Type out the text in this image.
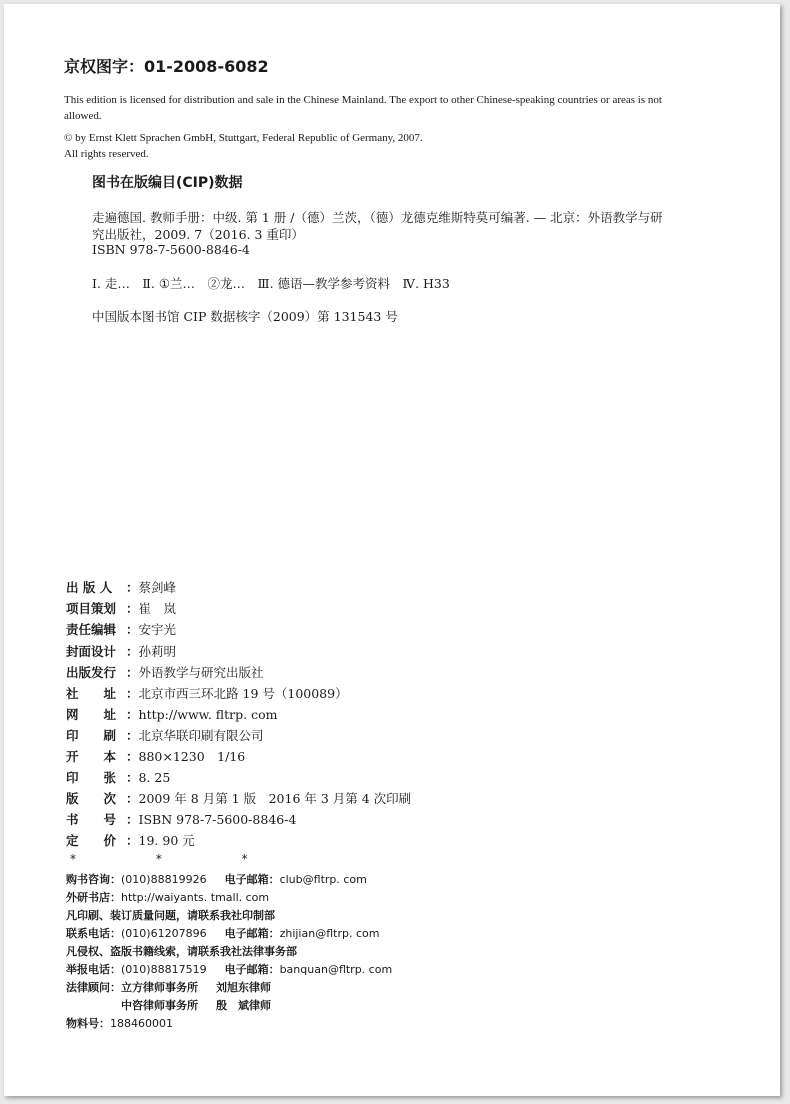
京权图字：01-2008-6082
This edition is licensed for distribution and sale in the Chinese Mainland. The export to other Chinese-speaking countries or areas is not
allowed.
© by Ernst Klett Sprachen GmbH, Stuttgart, Federal Republic of Germany, 2007.
All rights reserved.
图书在版编目(CIP)数据
走遍德国. 教师手册：中级. 第 1 册 /（德）兰茨，（德）龙德克维斯特莫可编著. — 北京：外语教学与研
究出版社，2009. 7（2016. 3 重印）
ISBN 978-7-5600-8846-4
Ⅰ. 走…　Ⅱ. ①兰…　②龙…　Ⅲ. 德语—教学参考资料　Ⅳ. H33
中国版本图书馆 CIP 数据核字（2009）第 131543 号
出 版 人	： 蔡剑峰
项目策划 ： 崔　岚
责任编辑 ： 安宇光
封面设计 ： 孙莉明
出版发行 ： 外语教学与研究出版社
社　　址 ： 北京市西三环北路 19 号（100089）
网　　址 ： http://www. fltrp. com
印　　刷 ： 北京华联印刷有限公司
开　　本 ： 880×1230　1/16
印　　张 ： 8. 25
版　　次 ： 2009 年 8 月第 1 版　2016 年 3 月第 4 次印刷
书　　号 ： ISBN 978-7-5600-8846-4
定　　价 ： 19. 90 元
* * *
购书咨询： (010)88819926 电子邮箱： club@fltrp. com
外研书店： http://waiyants. tmall. com
凡印刷、装订质量问题，请联系我社印制部
联系电话： (010)61207896 电子邮箱： zhijian@fltrp. com
凡侵权、盗版书籍线索，请联系我社法律事务部
举报电话： (010)88817519 电子邮箱： banquan@fltrp. com
法律顾问： 立方律师事务所 刘旭东律师
中咨律师事务所 殷　斌律师
物料号： 188460001
